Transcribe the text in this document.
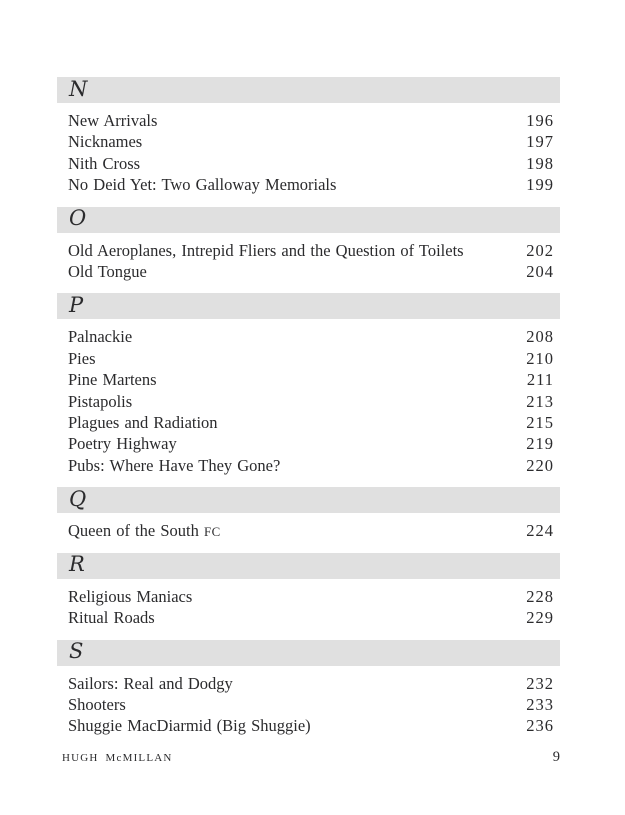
N
New Arrivals	196
Nicknames	197
Nith Cross	198
No Deid Yet: Two Galloway Memorials	199
O
Old Aeroplanes, Intrepid Fliers and the Question of Toilets	202
Old Tongue	204
P
Palnackie	208
Pies	210
Pine Martens	211
Pistapolis	213
Plagues and Radiation	215
Poetry Highway	219
Pubs: Where Have They Gone?	220
Q
Queen of the South FC	224
R
Religious Maniacs	228
Ritual Roads	229
S
Sailors: Real and Dodgy	232
Shooters	233
Shuggie MacDiarmid (Big Shuggie)	236
HUGH McMILLAN	9
